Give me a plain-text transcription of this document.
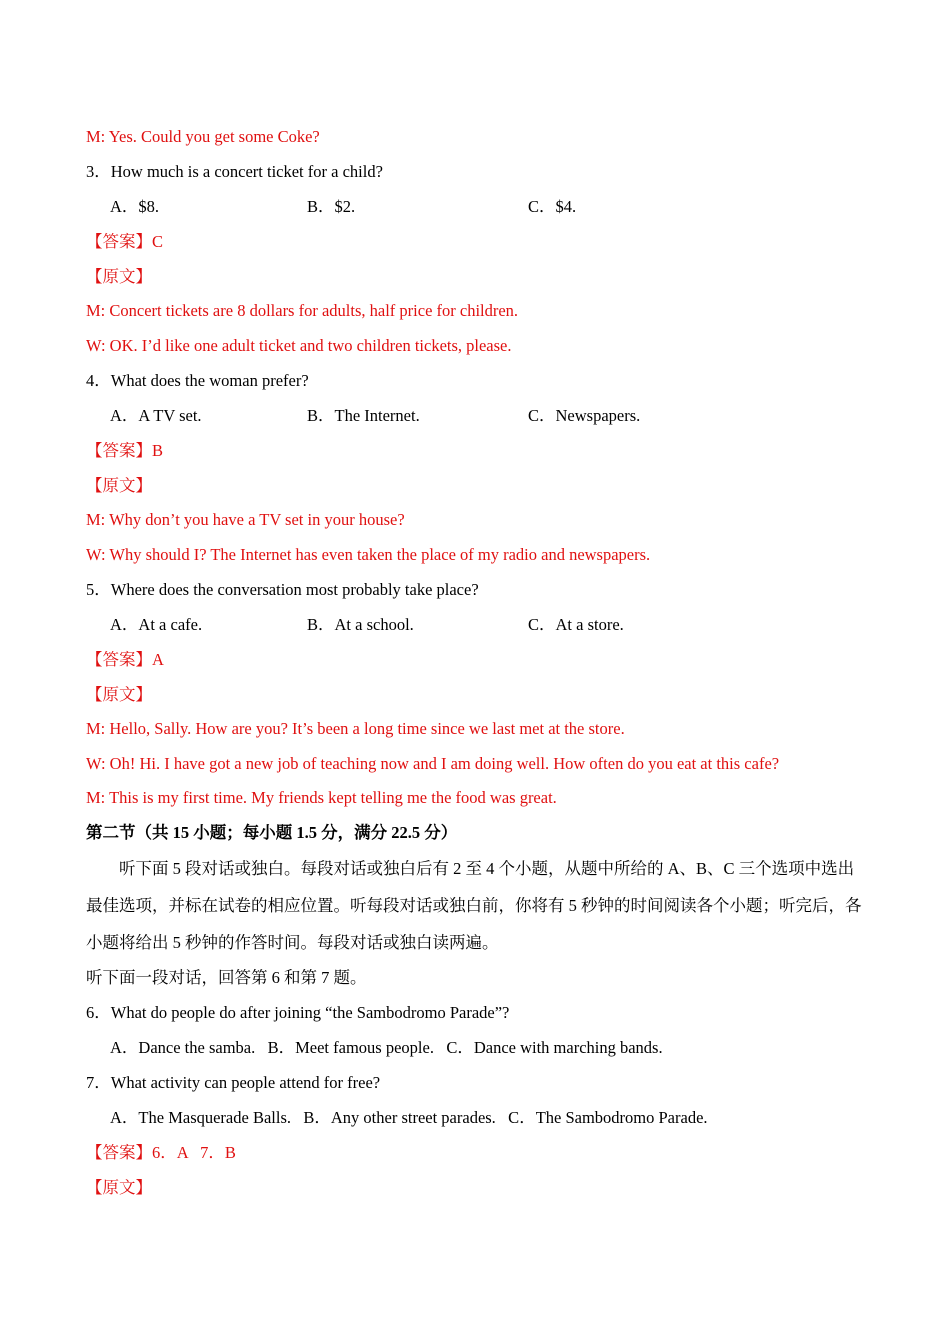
M: Yes. Could you get some Coke?
3．How much is a concert ticket for a child?
A．$8.	B．$2.	C．$4.
【答案】C
【原文】
M: Concert tickets are 8 dollars for adults, half price for children.
W: OK. I’d like one adult ticket and two children tickets, please.
4．What does the woman prefer?
A．A TV set.	B．The Internet.	C．Newspapers.
【答案】B
【原文】
M: Why don’t you have a TV set in your house?
W: Why should I? The Internet has even taken the place of my radio and newspapers.
5．Where does the conversation most probably take place?
A．At a cafe.	B．At a school.	C．At a store.
【答案】A
【原文】
M: Hello, Sally. How are you? It’s been a long time since we last met at the store.
W: Oh! Hi. I have got a new job of teaching now and I am doing well. How often do you eat at this cafe?
M: This is my first time. My friends kept telling me the food was great.
第二节（共 15 小题；每小题 1.5 分，满分 22.5 分）
听下面 5 段对话或独白。每段对话或独白后有 2 至 4 个小题，从题中所给的 A、B、C 三个选项中选出最佳选项，并标在试卷的相应位置。听每段对话或独白前，你将有 5 秒钟的时间阅读各个小题；听完后，各小题将给出 5 秒钟的作答时间。每段对话或独白读两遍。
听下面一段对话，回答第 6 和第 7 题。
6．What do people do after joining “the Sambodromo Parade”?
A．Dance the samba.   B．Meet famous people.   C．Dance with marching bands.
7．What activity can people attend for free?
A．The Masquerade Balls.   B．Any other street parades.   C．The Sambodromo Parade.
【答案】6．A   7．B
【原文】
